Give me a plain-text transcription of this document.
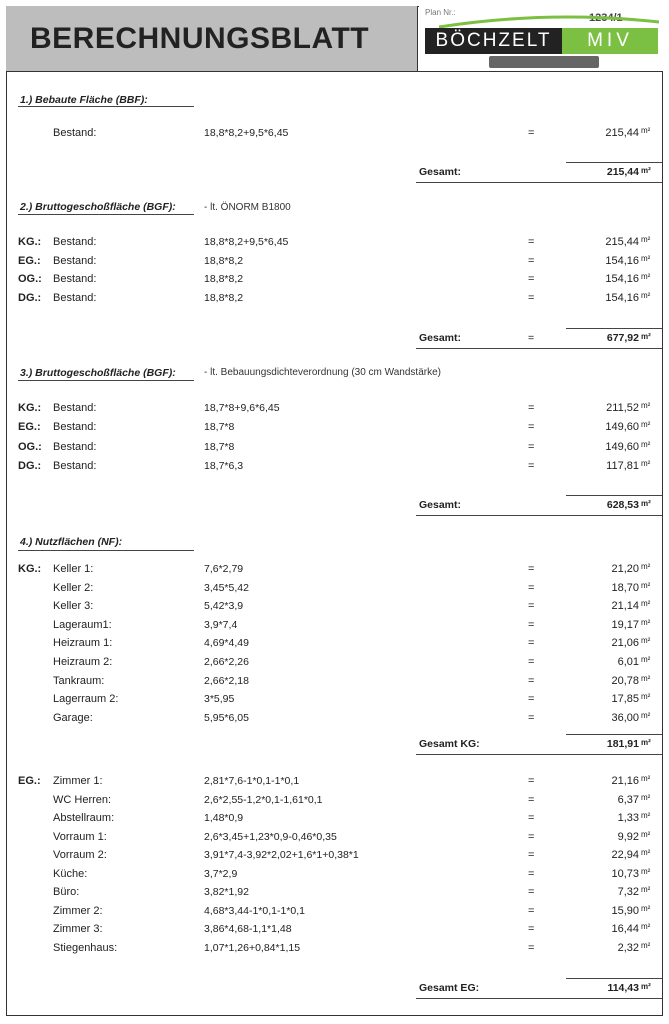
BERECHNUNGSBLATT
Plan Nr.:	1234/1
BÖCHZELT	MIV
1.) Bebaute Fläche (BBF):
Bestand:	18,8*8,2+9,5*6,45	=	215,44 m²
Gesamt:	215,44 m²
2.) Bruttogeschoßfläche (BGF):	- lt. ÖNORM B1800
KG.: Bestand:	18,8*8,2+9,5*6,45	=	215,44 m²
EG.: Bestand:	18,8*8,2	=	154,16 m²
OG.: Bestand:	18,8*8,2	=	154,16 m²
DG.: Bestand:	18,8*8,2	=	154,16 m²
Gesamt:	=	677,92 m²
3.) Bruttogeschoßfläche (BGF):	- lt. Bebauungsdichteverordnung (30 cm Wandstärke)
KG.: Bestand:	18,7*8+9,6*6,45	=	211,52 m²
EG.: Bestand:	18,7*8	=	149,60 m²
OG.: Bestand:	18,7*8	=	149,60 m²
DG.: Bestand:	18,7*6,3	=	117,81 m²
Gesamt:	628,53 m²
4.) Nutzflächen (NF):
KG.: Keller 1:	7,6*2,79	=	21,20 m²
Keller 2:	3,45*5,42	=	18,70 m²
Keller 3:	5,42*3,9	=	21,14 m²
Lageraum1:	3,9*7,4	=	19,17 m²
Heizraum 1:	4,69*4,49	=	21,06 m²
Heizraum 2:	2,66*2,26	=	6,01 m²
Tankraum:	2,66*2,18	=	20,78 m²
Lagerraum 2:	3*5,95	=	17,85 m²
Garage:	5,95*6,05	=	36,00 m²
Gesamt KG:	181,91 m²
EG.: Zimmer 1:	2,81*7,6-1*0,1-1*0,1	=	21,16 m²
WC Herren:	2,6*2,55-1,2*0,1-1,61*0,1	=	6,37 m²
Abstellraum:	1,48*0,9	=	1,33 m²
Vorraum 1:	2,6*3,45+1,23*0,9-0,46*0,35	=	9,92 m²
Vorraum 2:	3,91*7,4-3,92*2,02+1,6*1+0,38*1	=	22,94 m²
Küche:	3,7*2,9	=	10,73 m²
Büro:	3,82*1,92	=	7,32 m²
Zimmer 2:	4,68*3,44-1*0,1-1*0,1	=	15,90 m²
Zimmer 3:	3,86*4,68-1,1*1,48	=	16,44 m²
Stiegenhaus:	1,07*1,26+0,84*1,15	=	2,32 m²
Gesamt EG:	114,43 m²
